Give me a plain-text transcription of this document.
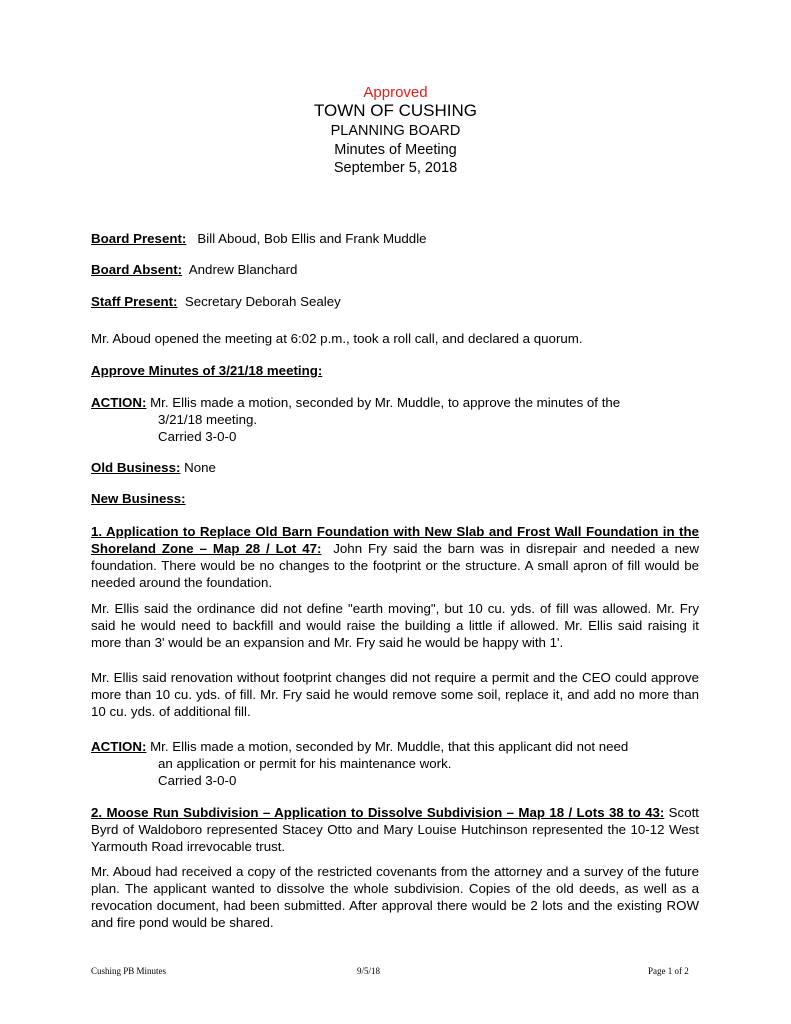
Approved
TOWN OF CUSHING
PLANNING BOARD
Minutes of Meeting
September 5, 2018
Board Present: Bill Aboud, Bob Ellis and Frank Muddle
Board Absent: Andrew Blanchard
Staff Present: Secretary Deborah Sealey
Mr. Aboud opened the meeting at 6:02 p.m., took a roll call, and declared a quorum.
Approve Minutes of 3/21/18 meeting:
ACTION: Mr. Ellis made a motion, seconded by Mr. Muddle, to approve the minutes of the
3/21/18 meeting.
Carried 3-0-0
Old Business: None
New Business:
1. Application to Replace Old Barn Foundation with New Slab and Frost Wall Foundation in the Shoreland Zone – Map 28 / Lot 47: John Fry said the barn was in disrepair and needed a new foundation. There would be no changes to the footprint or the structure. A small apron of fill would be needed around the foundation.
Mr. Ellis said the ordinance did not define "earth moving", but 10 cu. yds. of fill was allowed. Mr. Fry said he would need to backfill and would raise the building a little if allowed. Mr. Ellis said raising it more than 3' would be an expansion and Mr. Fry said he would be happy with 1'.
Mr. Ellis said renovation without footprint changes did not require a permit and the CEO could approve more than 10 cu. yds. of fill. Mr. Fry said he would remove some soil, replace it, and add no more than 10 cu. yds. of additional fill.
ACTION: Mr. Ellis made a motion, seconded by Mr. Muddle, that this applicant did not need
an application or permit for his maintenance work.
Carried 3-0-0
2. Moose Run Subdivision – Application to Dissolve Subdivision – Map 18 / Lots 38 to 43: Scott Byrd of Waldoboro represented Stacey Otto and Mary Louise Hutchinson represented the 10-12 West Yarmouth Road irrevocable trust.
Mr. Aboud had received a copy of the restricted covenants from the attorney and a survey of the future plan. The applicant wanted to dissolve the whole subdivision. Copies of the old deeds, as well as a revocation document, had been submitted. After approval there would be 2 lots and the existing ROW and fire pond would be shared.
Cushing PB Minutes	9/5/18	Page 1 of 2
